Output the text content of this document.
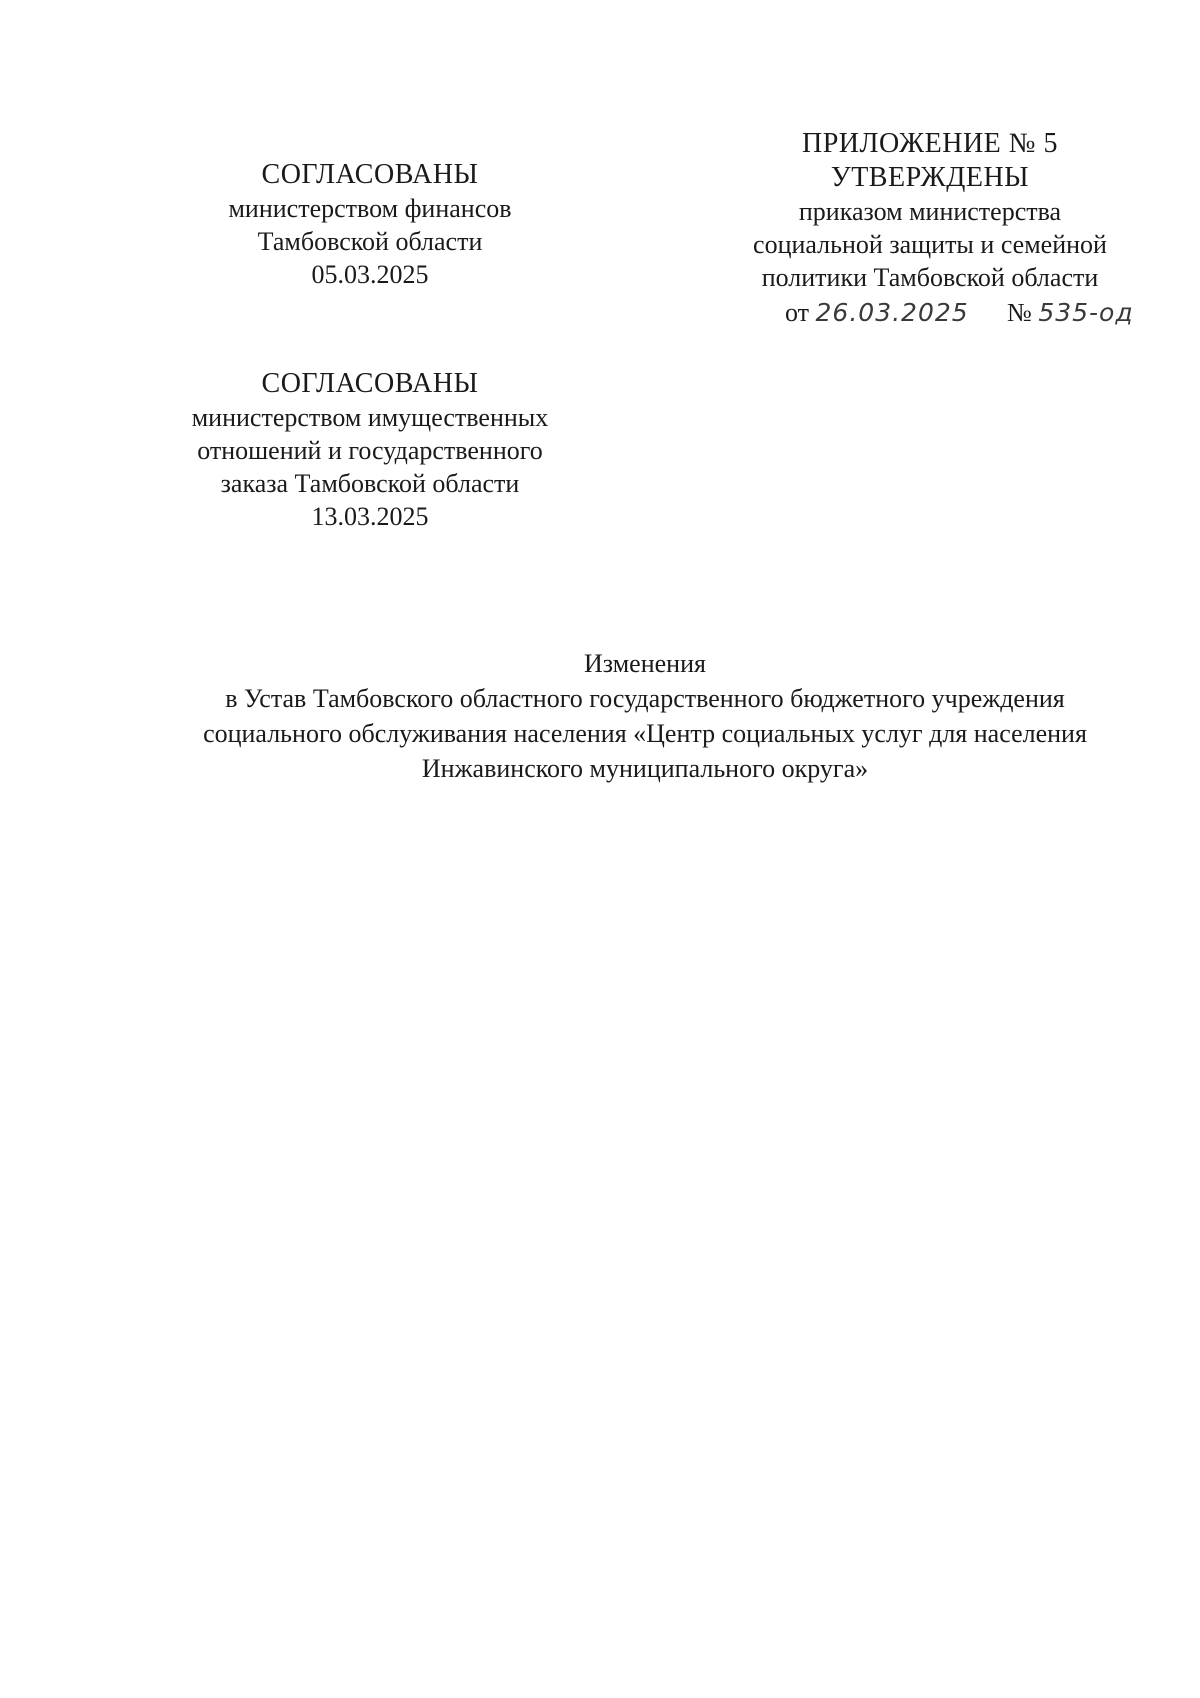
СОГЛАСОВАНЫ
министерством финансов
Тамбовской области
05.03.2025
СОГЛАСОВАНЫ
министерством имущественных
отношений и государственного
заказа Тамбовской области
13.03.2025
ПРИЛОЖЕНИЕ № 5
УТВЕРЖДЕНЫ
приказом министерства
социальной защиты и семейной
политики Тамбовской области
от 26.03.2025 № 535-од
Изменения
в Устав Тамбовского областного государственного бюджетного учреждения
социального обслуживания населения «Центр социальных услуг для населения
Инжавинского муниципального округа»
